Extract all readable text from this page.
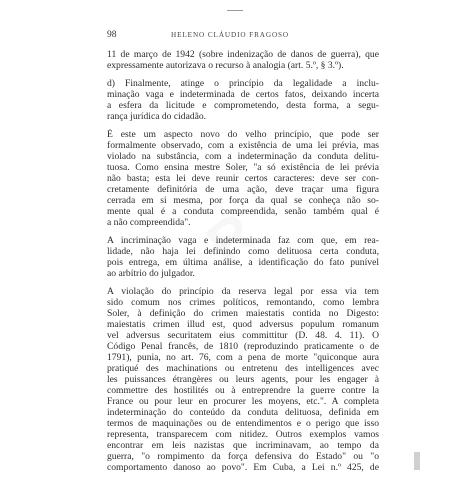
98	HELENO CLÁUDIO FRAGOSO
R
11 de março de 1942 (sobre indenização de danos de guerra), que
expressamente autorizava o recurso à analogia (art. 5.º, § 3.º).
d) Finalmente, atinge o princípio da legalidade a inclu-
minação vaga e indeterminada de certos fatos, deixando incerta
a esfera da licitude e comprometendo, desta forma, a segu-
rança jurídica do cidadão.
É este um aspecto novo do velho princípio, que pode ser
formalmente observado, com a existência de uma lei prévia, mas
violado na substância, com a indeterminação da conduta delitu-
tuosa. Como ensina mestre Soler, "a só existência de lei prévia
não basta; esta lei deve reunir certos caracteres: deve ser con-
cretamente definitória de uma ação, deve traçar uma figura
cerrada em si mesma, por força da qual se conheça não so-
mente qual é a conduta compreendida, senão também qual é
a não compreendida".
A incriminação vaga e indeterminada faz com que, em rea-
lidade, não haja lei definindo como delituosa certa conduta,
pois entrega, em última análise, a identificação do fato punível
ao arbítrio do julgador.
A violação do princípio da reserva legal por essa via tem
sido comum nos crimes políticos, remontando, como lembra
Soler, à definição do crimen maiestatis contida no Digesto:
maiestatis crimen illud est, quod adversus populum romanum
vel adversus securitatem eius committitur (D. 48. 4. 11). O
Código Penal francês, de 1810 (reproduzindo praticamente o de
1791), punia, no art. 76, com a pena de morte "quiconque aura
pratiqué des machinations ou entretenu des intelligences avec
les puissances étrangères ou leurs agents, pour les engager à
commettre des hostilités ou à entreprendre la guerre contre la
France ou pour leur en procurer les moyens, etc.". A completa
indeterminação do conteúdo da conduta delituosa, definida em
termos de maquinações ou de entendimentos e o perigo que isso
representa, transparecem com nitidez. Outros exemplos vamos
encontrar em leis nazistas que incriminavam, ao tempo da
guerra, "o rompimento da força defensiva do Estado" ou "o
comportamento danoso ao povo". Em Cuba, a Lei n.º 425, de
